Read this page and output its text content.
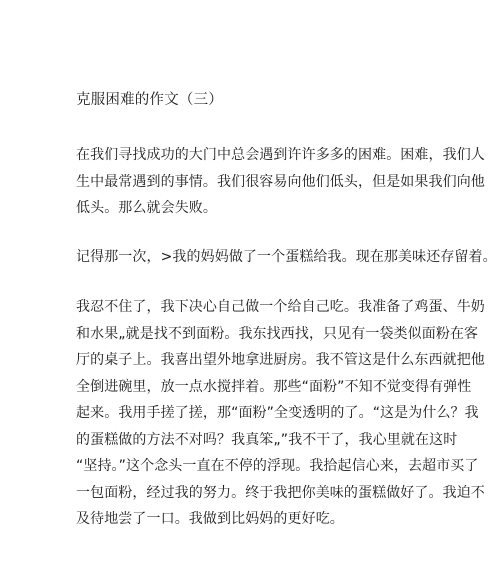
克服困难的作文（三）
在我们寻找成功的大门中总会遇到许许多多的困难。困难，我们人
生中最常遇到的事情。我们很容易向他们低头，但是如果我们向他
低头。那么就会失败。
记得那一次，>我的妈妈做了一个蛋糕给我。现在那美味还存留着。
我忍不住了，我下决心自己做一个给自己吃。我准备了鸡蛋、牛奶
和水果„就是找不到面粉。我东找西找，只见有一袋类似面粉在客
厅的桌子上。我喜出望外地拿进厨房。我不管这是什么东西就把他
全倒进碗里，放一点水搅拌着。那些“面粉”不知不觉变得有弹性
起来。我用手搓了搓，那“面粉”全变透明的了。“这是为什么？我
的蛋糕做的方法不对吗？我真笨„”我不干了，我心里就在这时
“坚持。”这个念头一直在不停的浮现。我拾起信心来，去超市买了
一包面粉，经过我的努力。终于我把你美味的蛋糕做好了。我迫不
及待地尝了一口。我做到比妈妈的更好吃。
